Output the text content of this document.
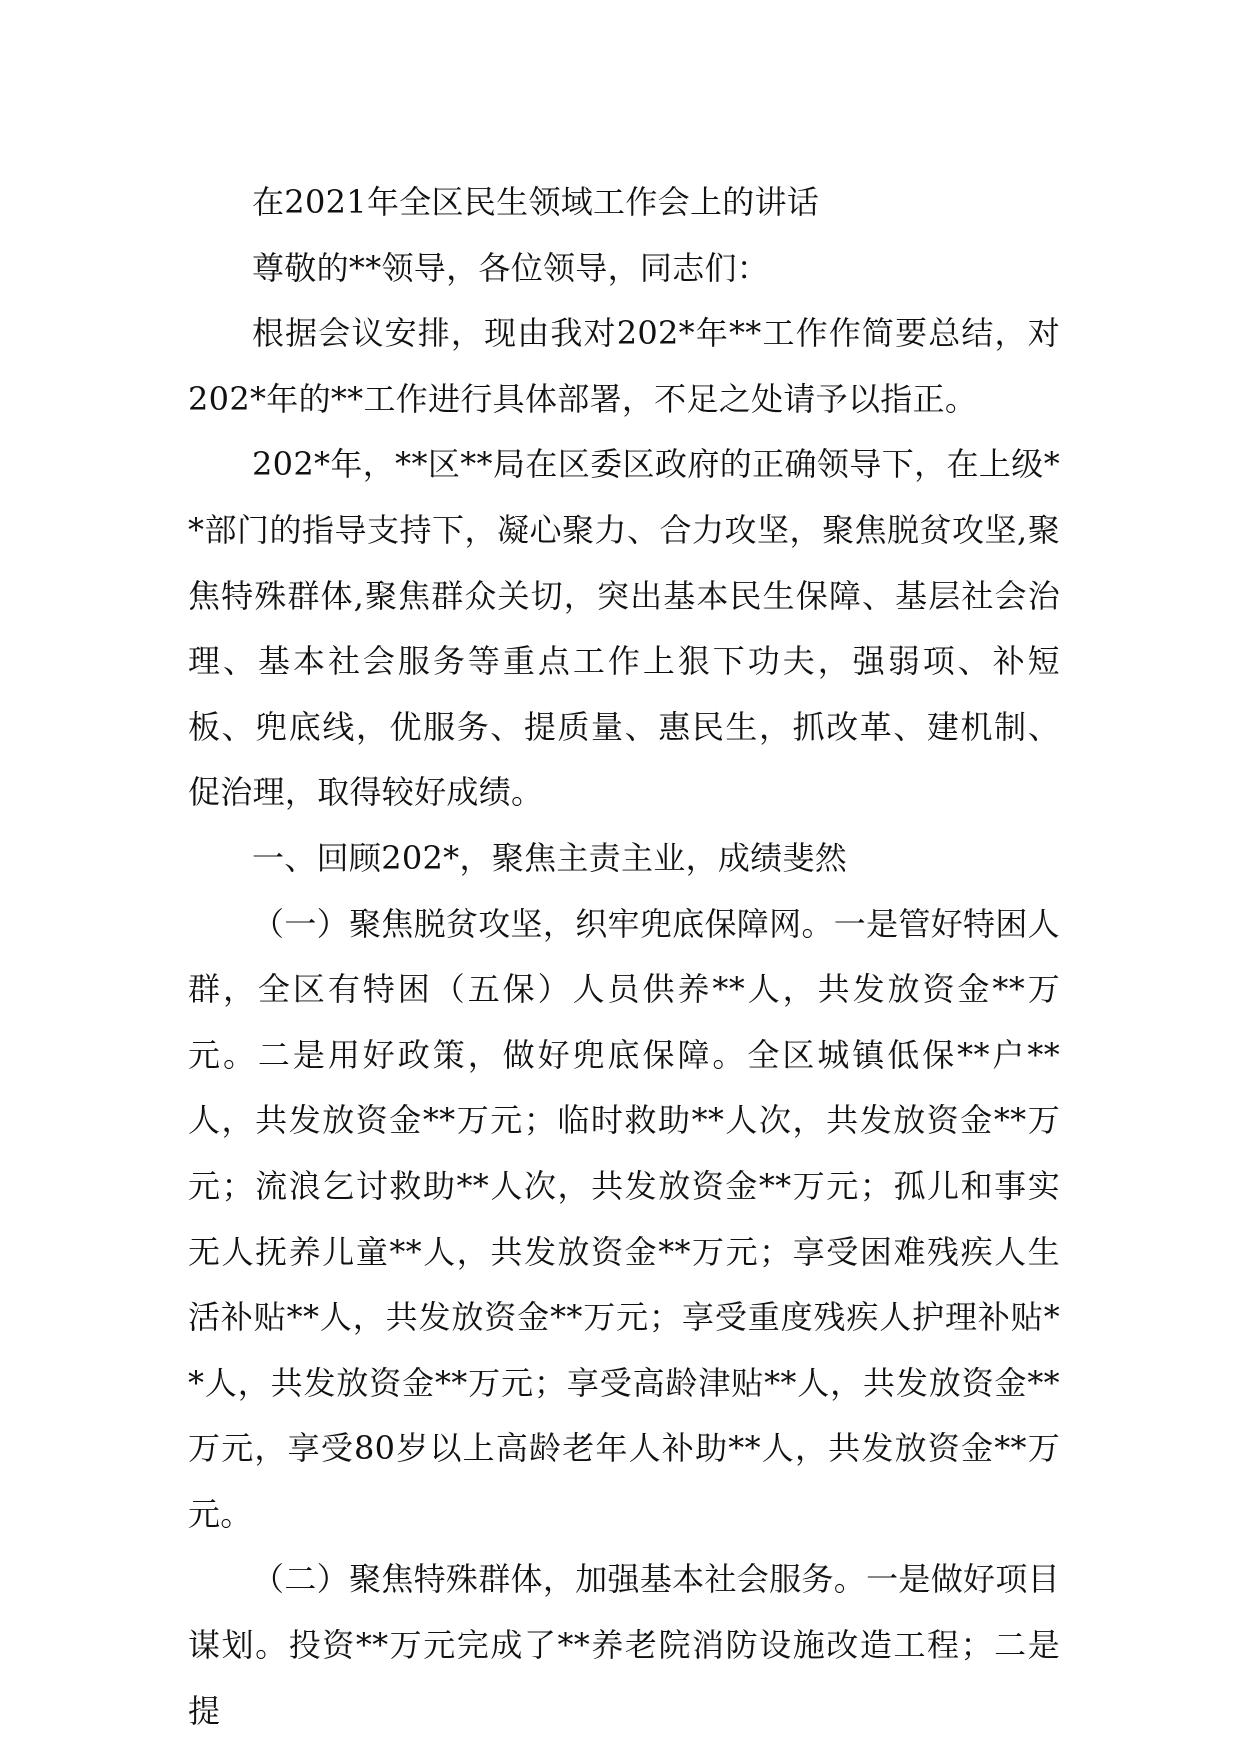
在2021年全区民生领域工作会上的讲话

尊敬的**领导，各位领导，同志们：

根据会议安排，现由我对202*年**工作作简要总结，对202*年的**工作进行具体部署，不足之处请予以指正。

202*年，**区**局在区委区政府的正确领导下，在上级**部门的指导支持下，凝心聚力、合力攻坚，聚焦脱贫攻坚,聚焦特殊群体,聚焦群众关切，突出基本民生保障、基层社会治理、基本社会服务等重点工作上狠下功夫，强弱项、补短板、兜底线，优服务、提质量、惠民生，抓改革、建机制、促治理，取得较好成绩。

一、回顾202*，聚焦主责主业，成绩斐然

（一）聚焦脱贫攻坚，织牢兜底保障网。一是管好特困人群，全区有特困（五保）人员供养**人，共发放资金**万元。二是用好政策，做好兜底保障。全区城镇低保**户**人，共发放资金**万元；临时救助**人次，共发放资金**万元；流浪乞讨救助**人次，共发放资金**万元；孤儿和事实无人抚养儿童**人，共发放资金**万元；享受困难残疾人生活补贴**人，共发放资金**万元；享受重度残疾人护理补贴**人，共发放资金**万元；享受高龄津贴**人，共发放资金**万元，享受80岁以上高龄老年人补助**人，共发放资金**万元。

（二）聚焦特殊群体，加强基本社会服务。一是做好项目谋划。投资**万元完成了**养老院消防设施改造工程；二是提
